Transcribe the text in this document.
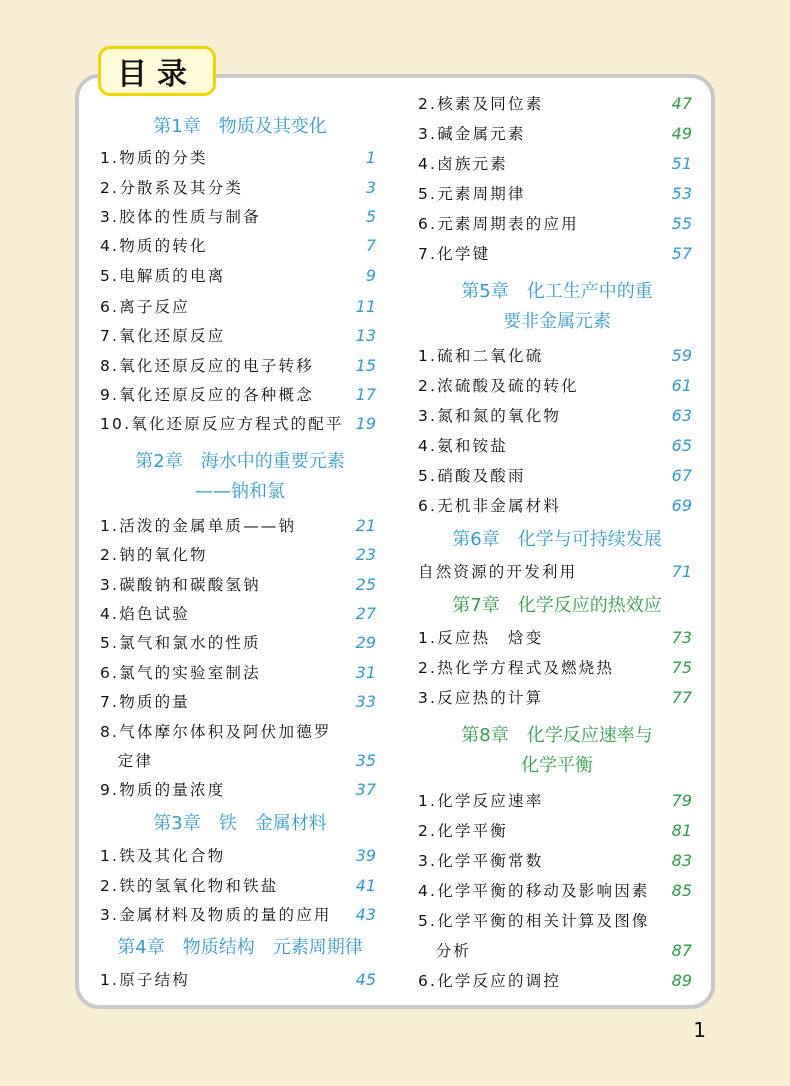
目录
第1章　物质及其变化
1.物质的分类	1
2.分散系及其分类	3
3.胶体的性质与制备	5
4.物质的转化	7
5.电解质的电离	9
6.离子反应	11
7.氧化还原反应	13
8.氧化还原反应的电子转移	15
9.氧化还原反应的各种概念	17
10.氧化还原反应方程式的配平 19
第2章　海水中的重要元素
——钠和氯
1.活泼的金属单质——钠	21
2.钠的氧化物	23
3.碳酸钠和碳酸氢钠	25
4.焰色试验	27
5.氯气和氯水的性质	29
6.氯气的实验室制法	31
7.物质的量	33
8.气体摩尔体积及阿伏加德罗
　定律	35
9.物质的量浓度	37
第3章　铁　金属材料
1.铁及其化合物	39
2.铁的氢氧化物和铁盐	41
3.金属材料及物质的量的应用 43
第4章　物质结构　元素周期律
1.原子结构	45
2.核素及同位素	47
3.碱金属元素	49
4.卤族元素	51
5.元素周期律	53
6.元素周期表的应用	55
7.化学键	57
第5章　化工生产中的重
要非金属元素
1.硫和二氧化硫	59
2.浓硫酸及硫的转化	61
3.氮和氮的氧化物	63
4.氨和铵盐	65
5.硝酸及酸雨	67
6.无机非金属材料	69
第6章　化学与可持续发展
自然资源的开发利用	71
第7章　化学反应的热效应
1.反应热　焓变	73
2.热化学方程式及燃烧热	75
3.反应热的计算	77
第8章　化学反应速率与
化学平衡
1.化学反应速率	79
2.化学平衡	81
3.化学平衡常数	83
4.化学平衡的移动及影响因素 85
5.化学平衡的相关计算及图像
　分析	87
6.化学反应的调控	89
1
